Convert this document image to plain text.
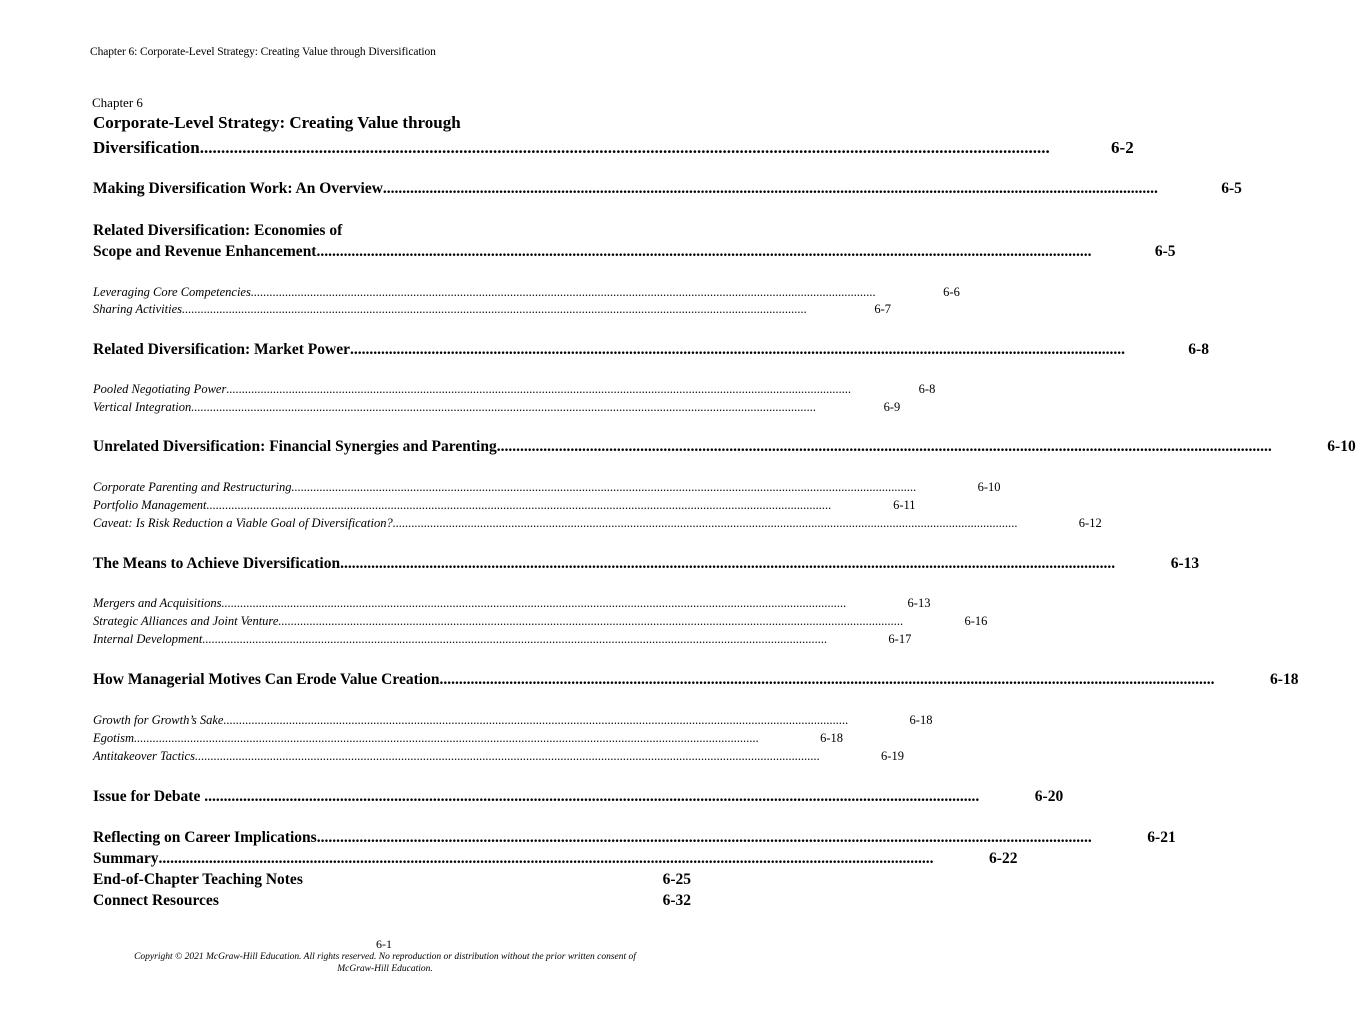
Chapter 6: Corporate-Level Strategy: Creating Value through Diversification
Chapter 6
Corporate-Level Strategy: Creating Value through
Diversification ........................................................................................................................................................................................................	6-2
Making Diversification Work: An Overview ........................................................................................................................................................................................................	6-5
Related Diversification: Economies of
Scope and Revenue Enhancement ........................................................................................................................................................................................................	6-5
Leveraging Core Competencies ........................................................................................................................................................................................................	6-6
Sharing Activities ........................................................................................................................................................................................................	6-7
Related Diversification: Market Power ........................................................................................................................................................................................................	6-8
Pooled Negotiating Power ........................................................................................................................................................................................................	6-8
Vertical Integration ........................................................................................................................................................................................................	6-9
Unrelated Diversification: Financial Synergies and Parenting ........................................................................................................................................................................................................	6-10
Corporate Parenting and Restructuring ........................................................................................................................................................................................................	6-10
Portfolio Management ........................................................................................................................................................................................................	6-11
Caveat: Is Risk Reduction a Viable Goal of Diversification? ........................................................................................................................................................................................................	6-12
The Means to Achieve Diversification ........................................................................................................................................................................................................	6-13
Mergers and Acquisitions ........................................................................................................................................................................................................	6-13
Strategic Alliances and Joint Venture ........................................................................................................................................................................................................	6-16
Internal Development ........................................................................................................................................................................................................	6-17
How Managerial Motives Can Erode Value Creation ........................................................................................................................................................................................................	6-18
Growth for Growth’s Sake ........................................................................................................................................................................................................	6-18
Egotism ........................................................................................................................................................................................................	6-18
Antitakeover Tactics ........................................................................................................................................................................................................	6-19
Issue for Debate ........................................................................................................................................................................................................	6-20
Reflecting on Career Implications ........................................................................................................................................................................................................	6-21
Summary ........................................................................................................................................................................................................	6-22
End-of-Chapter Teaching Notes	6-25
Connect Resources	6-32
6-1
Copyright © 2021 McGraw-Hill Education. All rights reserved. No reproduction or distribution without the prior written consent of
McGraw-Hill Education.
